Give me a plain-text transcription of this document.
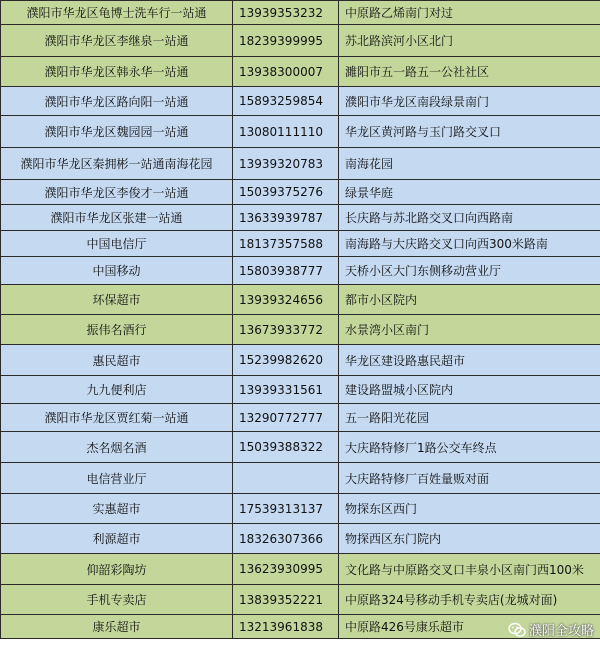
濮阳市华龙区龟博士洗车行一站通	13939353232	中原路乙烯南门对过
濮阳市华龙区李继泉一站通	18239399995	苏北路滨河小区北门
濮阳市华龙区韩永华一站通	13938300007	濉阳市五一路五一公社社区
濮阳市华龙区路向阳一站通	15893259854	濮阳市华龙区南段绿景南门
濮阳市华龙区魏园园一站通	13080111110	华龙区黄河路与玉门路交叉口
濮阳市华龙区秦拥彬一站通南海花园	13939320783	南海花园
濮阳市华龙区李俊才一站通	15039375276	绿景华庭
濮阳市华龙区张建一站通	13633939787	长庆路与苏北路交叉口向西路南
中国电信厅	18137357588	南海路与大庆路交叉口向西300米路南
中国移动	15803938777	天桥小区大门东侧移动营业厅
环保超市	13939324656	都市小区院内
振伟名酒行	13673933772	水景湾小区南门
惠民超市	15239982620	华龙区建设路惠民超市
九九便利店	13939331561	建设路盟城小区院内
濮阳市华龙区贾红菊一站通	13290772777	五一路阳光花园
杰名烟名酒	15039388322	大庆路特修厂1路公交车终点
电信营业厅		大庆路特修厂百姓量贩对面
实惠超市	17539313137	物探东区西门
利源超市	18326307366	物探西区东门院内
仰韶彩陶坊	13623930995	文化路与中原路交叉口丰泉小区南门西100米
手机专卖店	13839352221	中原路324号移动手机专卖店(龙城对面)
康乐超市	13213961838	中原路426号康乐超市	濮阳全攻略
